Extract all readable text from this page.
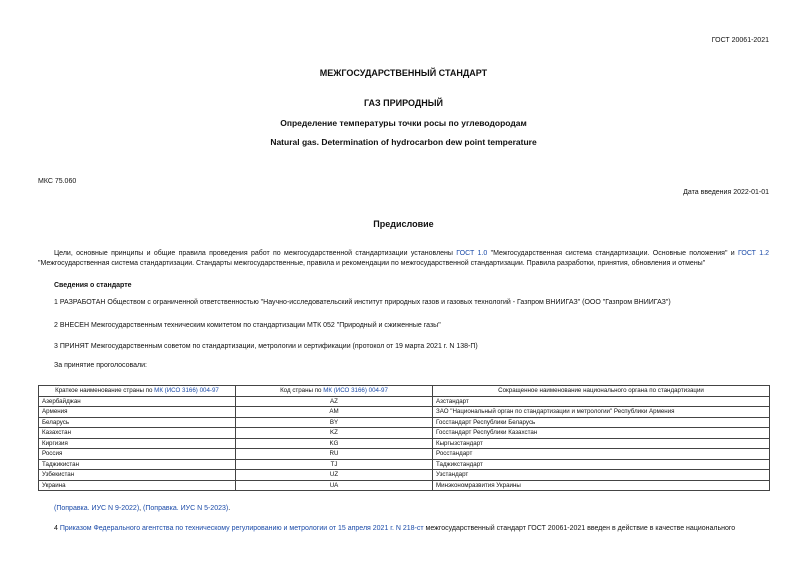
ГОСТ 20061-2021
МЕЖГОСУДАРСТВЕННЫЙ СТАНДАРТ
ГАЗ ПРИРОДНЫЙ
Определение температуры точки росы по углеводородам
Natural gas. Determination of hydrocarbon dew point temperature
МКС 75.060
Дата введения 2022-01-01
Предисловие
Цели, основные принципы и общие правила проведения работ по межгосударственной стандартизации установлены ГОСТ 1.0 "Межгосударственная система стандартизации. Основные положения" и ГОСТ 1.2 "Межгосударственная система стандартизации. Стандарты межгосударственные, правила и рекомендации по межгосударственной стандартизации. Правила разработки, принятия, обновления и отмены"
Сведения о стандарте
1 РАЗРАБОТАН Обществом с ограниченной ответственностью "Научно-исследовательский институт природных газов и газовых технологий - Газпром ВНИИГАЗ" (ООО "Газпром ВНИИГАЗ")
2 ВНЕСЕН Межгосударственным техническим комитетом по стандартизации МТК 052 "Природный и сжиженные газы"
3 ПРИНЯТ Межгосударственным советом по стандартизации, метрологии и сертификации (протокол от 19 марта 2021 г. N 138-П)
За принятие проголосовали:
Краткое наименование страны по МК (ИСО 3166) 004-97	Код страны по МК (ИСО 3166) 004-97	Сокращенное наименование национального органа по стандартизации
Азербайджан	AZ	Азстандарт
Армения	AM	ЗАО "Национальный орган по стандартизации и метрологии" Республики Армения
Беларусь	BY	Госстандарт Республики Беларусь
Казахстан	KZ	Госстандарт Республики Казахстан
Киргизия	KG	Кыргызстандарт
Россия	RU	Росстандарт
Таджикистан	TJ	Таджикстандарт
Узбекистан	UZ	Узстандарт
Украина	UA	Минэкономразвития Украины
(Поправка. ИУС N 9-2022), (Поправка. ИУС N 5-2023).
4 Приказом Федерального агентства по техническому регулированию и метрологии от 15 апреля 2021 г. N 218-ст межгосударственный стандарт ГОСТ 20061-2021 введен в действие в качестве национального
